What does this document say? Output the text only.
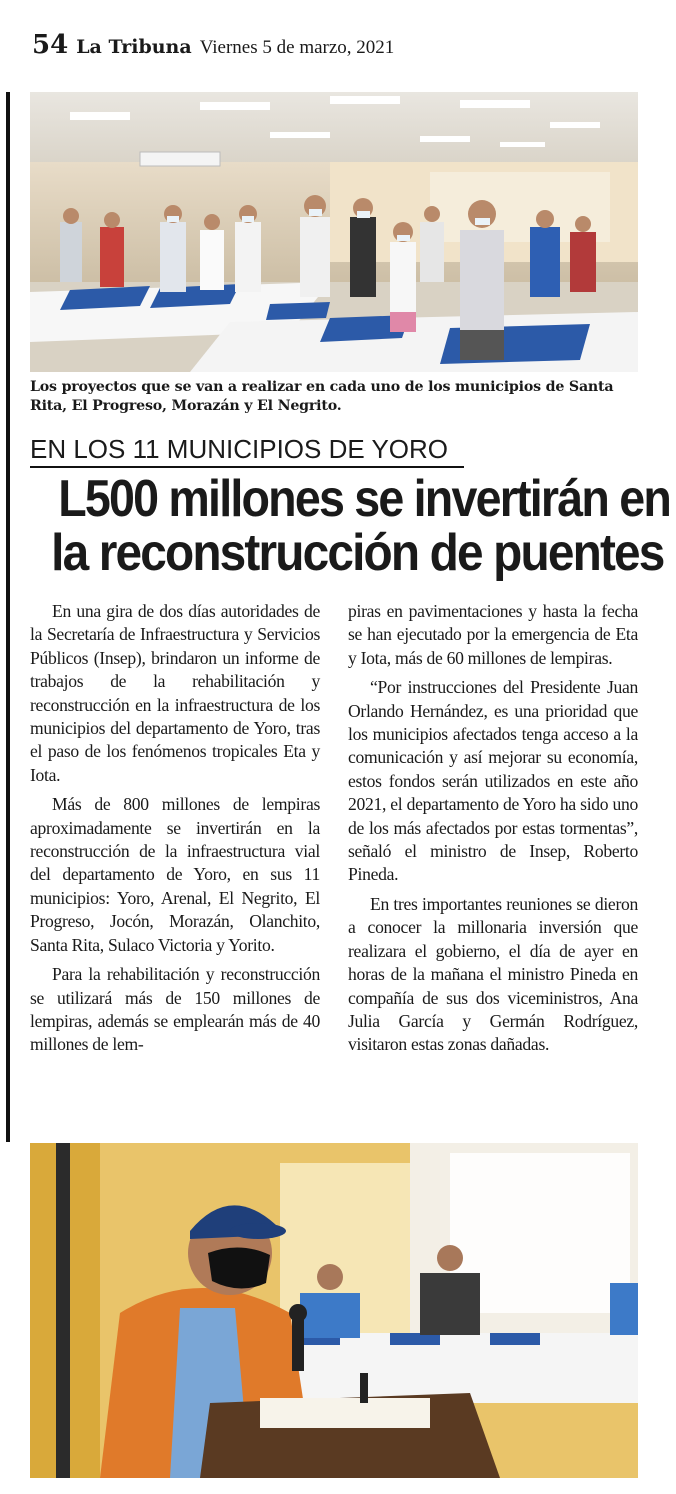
54 La Tribuna Viernes 5 de marzo, 2021
Los proyectos que se van a realizar en cada uno de los municipios de Santa Rita, El Progreso, Morazán y El Negrito.
EN LOS 11 MUNICIPIOS DE YORO
L500 millones se invertirán en
la reconstrucción de puentes

En una gira de dos días autoridades de la Secretaría de Infraestructura y Servicios Públicos (Insep), brindaron un informe de trabajos de la rehabilitación y reconstrucción en la infraestructura de los municipios del departamento de Yoro, tras el paso de los fenómenos tropicales Eta y Iota.

Más de 800 millones de lempiras aproximadamente se invertirán en la reconstrucción de la infraestructura vial del departamento de Yoro, en sus 11 municipios: Yoro, Arenal, El Negrito, El Progreso, Jocón, Morazán, Olanchito, Santa Rita, Sulaco Victoria y Yorito.

Para la rehabilitación y reconstrucción se utilizará más de 150 millones de lempiras, además se emplearán más de 40 millones de lem-

piras en pavimentaciones y hasta la fecha se han ejecutado por la emergencia de Eta y Iota, más de 60 millones de lempiras.

“Por instrucciones del Presidente Juan Orlando Hernández, es una prioridad que los municipios afectados tenga acceso a la comunicación y así mejorar su economía, estos fondos serán utilizados en este año 2021, el departamento de Yoro ha sido uno de los más afectados por estas tormentas”, señaló el ministro de Insep, Roberto Pineda.

En tres importantes reuniones se dieron a conocer la millonaria inversión que realizara el gobierno, el día de ayer en horas de la mañana el ministro Pineda en compañía de sus dos viceministros, Ana Julia García y Germán Rodríguez, visitaron estas zonas dañadas.
